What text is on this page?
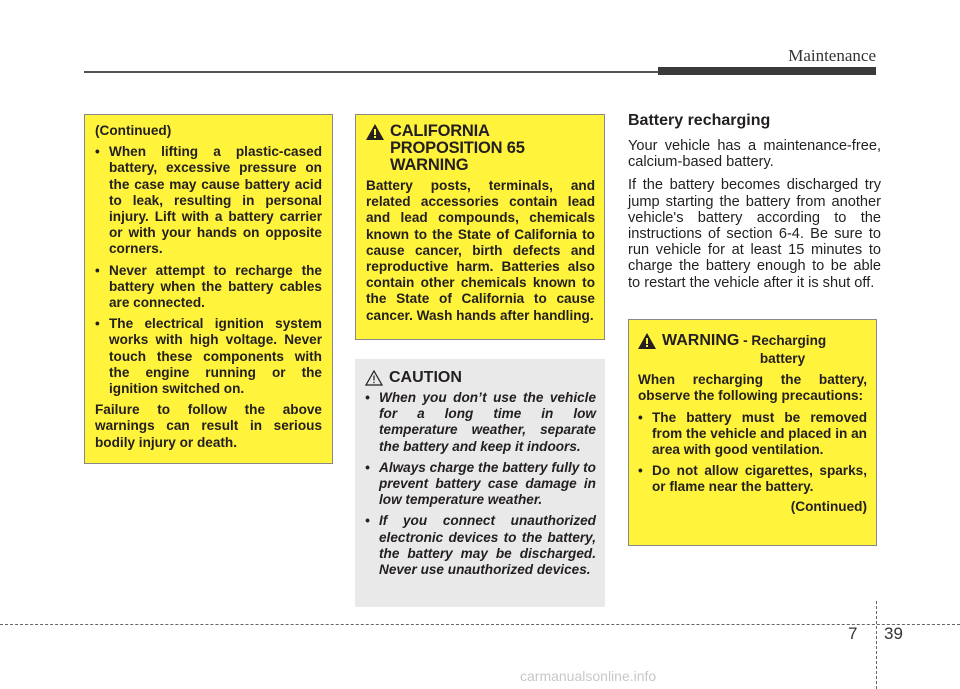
Maintenance
(Continued)
• When lifting a plastic-cased battery, excessive pressure on the case may cause battery acid to leak, resulting in personal injury. Lift with a battery carrier or with your hands on opposite corners.
• Never attempt to recharge the battery when the battery cables are connected.
• The electrical ignition system works with high voltage. Never touch these components with the engine running or the ignition switched on.
Failure to follow the above warnings can result in serious bodily injury or death.
CALIFORNIA PROPOSITION 65 WARNING
Battery posts, terminals, and related accessories contain lead and lead compounds, chemicals known to the State of California to cause cancer, birth defects and reproductive harm. Batteries also contain other chemicals known to the State of California to cause cancer. Wash hands after handling.
CAUTION
• When you don’t use the vehicle for a long time in low temperature weather, separate the battery and keep it indoors.
• Always charge the battery fully to prevent battery case damage in low temperature weather.
• If you connect unauthorized electronic devices to the battery, the battery may be discharged. Never use unauthorized devices.
Battery recharging
Your vehicle has a maintenance-free, calcium-based battery.
If the battery becomes discharged try jump starting the battery from another vehicle's battery according to the instructions of section 6-4. Be sure to run vehicle for at least 15 minutes to charge the battery enough to be able to restart the vehicle after it is shut off.
WARNING - Recharging
battery
When recharging the battery, observe the following precautions:
• The battery must be removed from the vehicle and placed in an area with good ventilation.
• Do not allow cigarettes, sparks, or flame near the battery.
(Continued)
7 39
carmanualsonline.info
